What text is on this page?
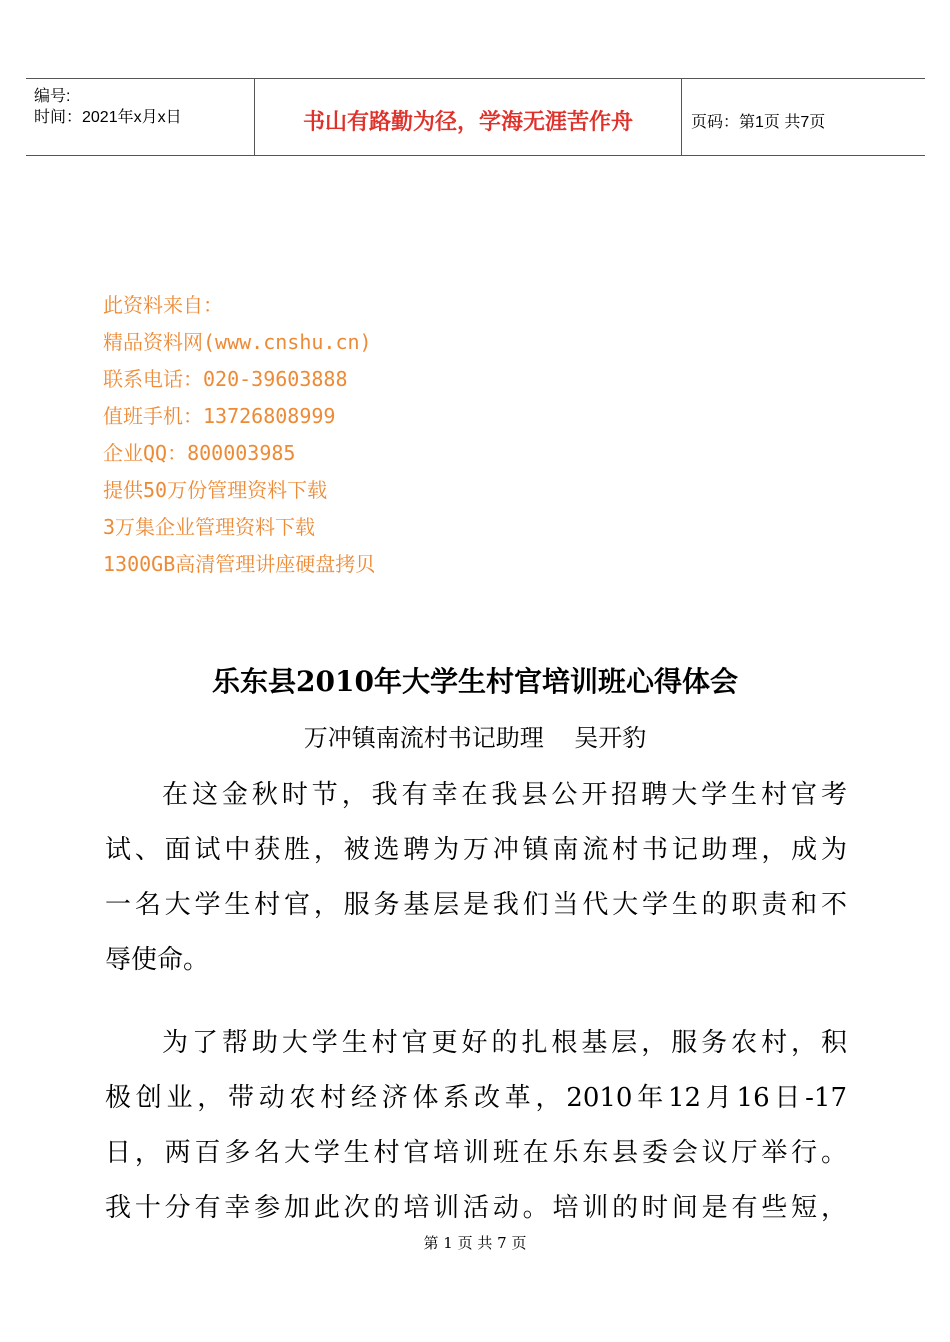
编号:
时间：2021年x月x日	书山有路勤为径，学海无涯苦作舟	页码：第1页 共7页
此资料来自：
精品资料网(www.cnshu.cn)
联系电话：020-39603888
值班手机：13726808999
企业QQ：800003985
提供50万份管理资料下载
3万集企业管理资料下载
1300GB高清管理讲座硬盘拷贝
乐东县2010年大学生村官培训班心得体会
万冲镇南流村书记助理    吴开豹
在这金秋时节，我有幸在我县公开招聘大学生村官考
试、面试中获胜，被选聘为万冲镇南流村书记助理，成为
一名大学生村官，服务基层是我们当代大学生的职责和不
辱使命。
为了帮助大学生村官更好的扎根基层，服务农村，积
极创业，带动农村经济体系改革，2010年12月16日-17
日，两百多名大学生村官培训班在乐东县委会议厅举行。
我十分有幸参加此次的培训活动。培训的时间是有些短，
第 1 页 共 7 页
